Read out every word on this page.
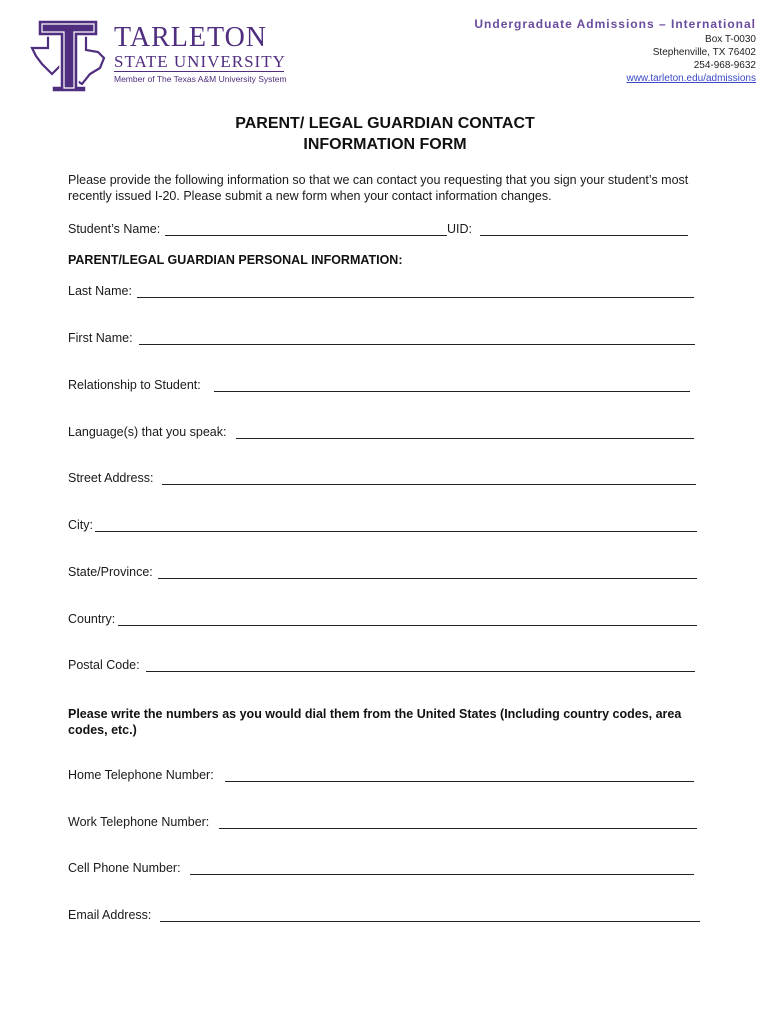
TARLETON
STATE UNIVERSITY
Member of The Texas A&M University System
Undergraduate Admissions – International
Box T-0030
Stephenville, TX 76402
254-968-9632
www.tarleton.edu/admissions
PARENT/ LEGAL GUARDIAN CONTACT
INFORMATION FORM
Please provide the following information so that we can contact you requesting that you sign your student’s most recently issued I-20. Please submit a new form when your contact information changes.
Student’s Name:	UID:
PARENT/LEGAL GUARDIAN PERSONAL INFORMATION:
Last Name:
First Name:
Relationship to Student:
Language(s) that you speak:
Street Address:
City:
State/Province:
Country:
Postal Code:
Please write the numbers as you would dial them from the United States (Including country codes, area codes, etc.)
Home Telephone Number:
Work Telephone Number:
Cell Phone Number:
Email Address:
